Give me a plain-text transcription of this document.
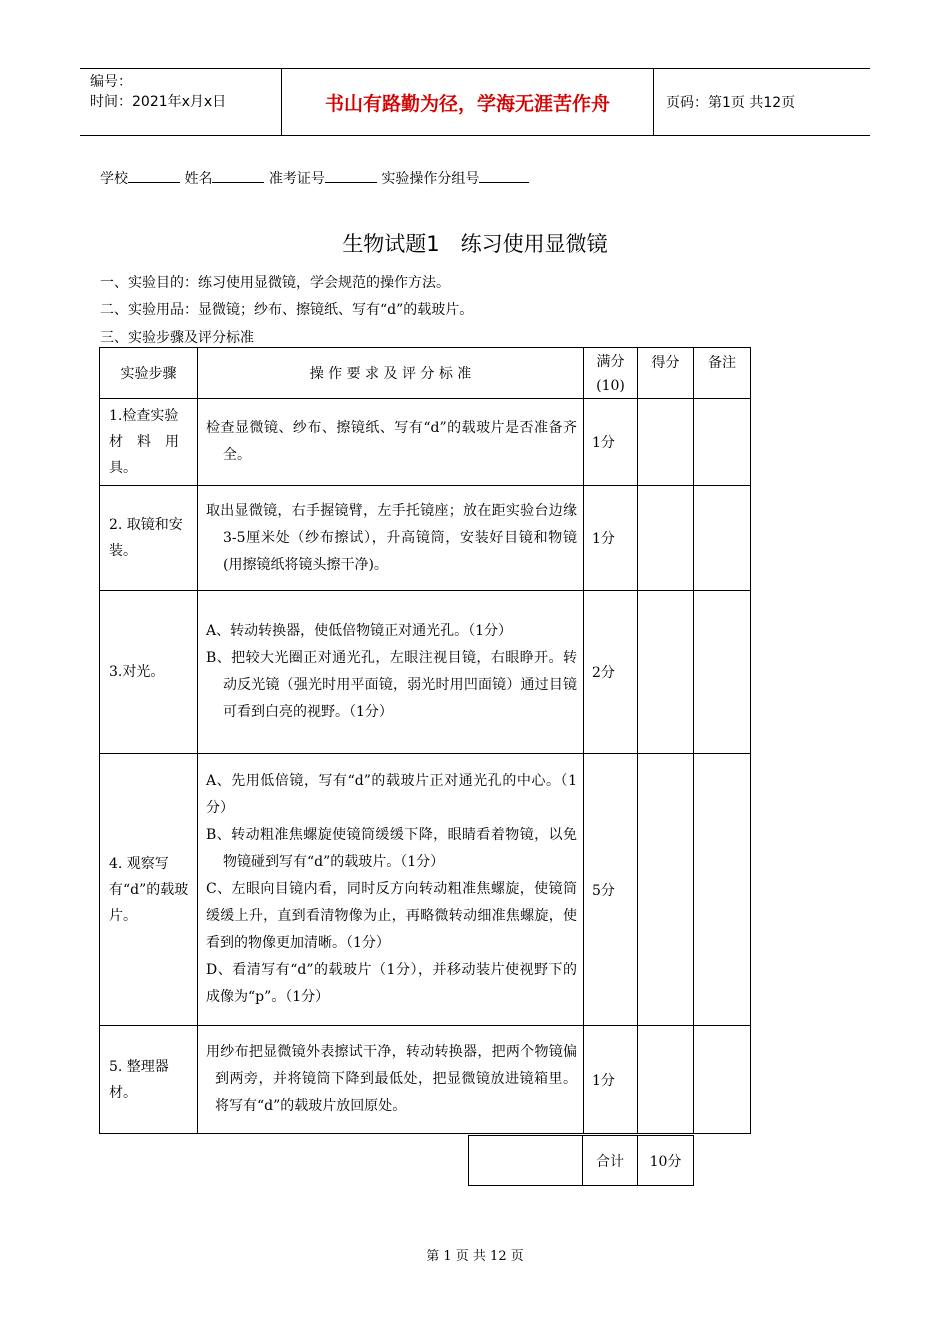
编号：
时间：2021年x月x日	书山有路勤为径，学海无涯苦作舟	页码：第1页 共12页
学校	姓名	准考证号	实验操作分组号
生物试题1　练习使用显微镜
一、实验目的：练习使用显微镜，学会规范的操作方法。
二、实验用品：显微镜；纱布、擦镜纸、写有“d”的载玻片。
三、实验步骤及评分标准
实验步骤	操 作 要 求 及 评 分 标 准	满分(10)	得分	备注
1.检查实验材　料　用具。	检查显微镜、纱布、擦镜纸、写有“d”的载玻片是否准备齐全。	1分		
2. 取镜和安装。	取出显微镜，右手握镜臂，左手托镜座；放在距实验台边缘3-5厘米处（纱布擦试），升高镜筒，安装好目镜和物镜(用擦镜纸将镜头擦干净)。	1分		
3.对光。	A、转动转换器，使低倍物镜正对通光孔。（1分）

B、把较大光圈正对通光孔，左眼注视目镜，右眼睁开。转动反光镜（强光时用平面镜，弱光时用凹面镜）通过目镜可看到白亮的视野。（1分）	2分		
4. 观察写有“d”的载玻片。	A、先用低倍镜，写有“d”的载玻片正对通光孔的中心。（1分）

B、转动粗准焦螺旋使镜筒缓缓下降，眼睛看着物镜，以免物镜碰到写有“d”的载玻片。（1分）

C、左眼向目镜内看，同时反方向转动粗准焦螺旋，使镜筒缓缓上升，直到看清物像为止，再略微转动细准焦螺旋，使看到的物像更加清晰。（1分）

D、看清写有“d”的载玻片（1分），并移动装片使视野下的成像为“p”。（1分）	5分		
5. 整理器材。	用纱布把显微镜外表擦试干净，转动转换器，把两个物镜偏到两旁，并将镜筒下降到最低处，把显微镜放进镜箱里。将写有“d”的载玻片放回原处。	1分		
	合计	10分
第 1 页 共 12 页
